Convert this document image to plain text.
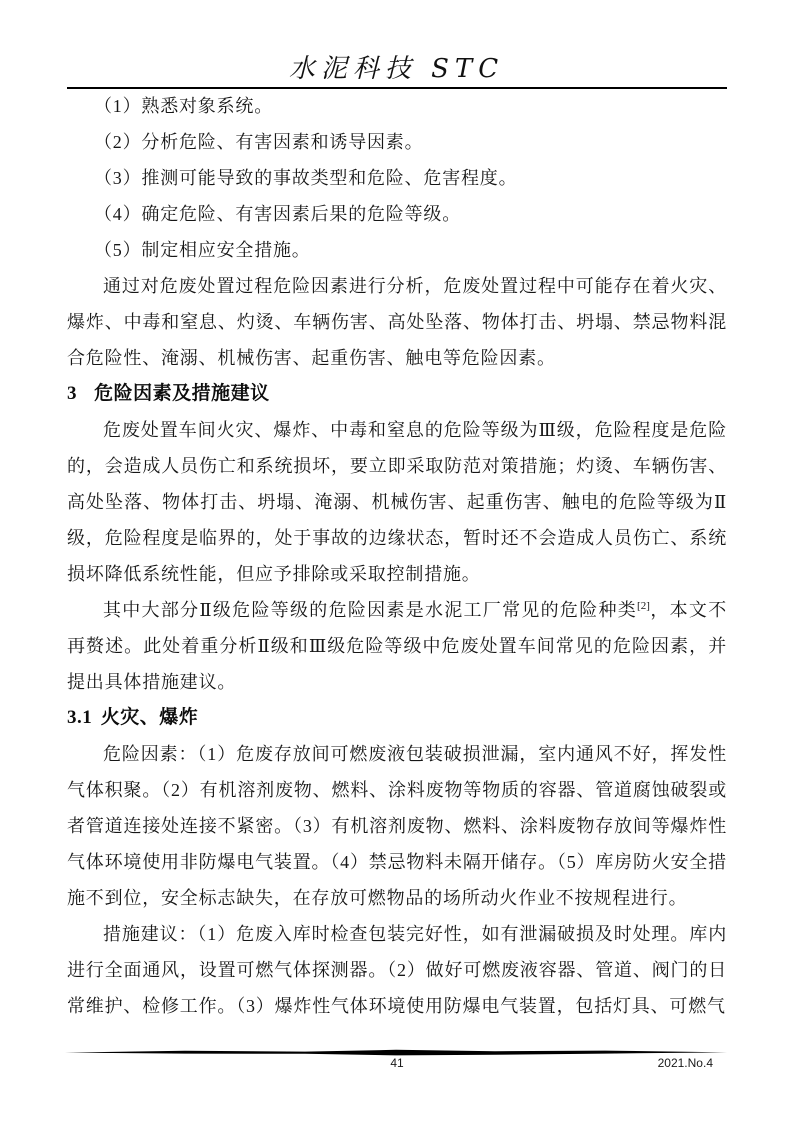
水泥科技 STC

（1）熟悉对象系统。

（2）分析危险、有害因素和诱导因素。

（3）推测可能导致的事故类型和危险、危害程度。

（4）确定危险、有害因素后果的危险等级。

（5）制定相应安全措施。

通过对危废处置过程危险因素进行分析，危废处置过程中可能存在着火灾、爆炸、中毒和窒息、灼烫、车辆伤害、高处坠落、物体打击、坍塌、禁忌物料混合危险性、淹溺、机械伤害、起重伤害、触电等危险因素。

3 危险因素及措施建议

危废处置车间火灾、爆炸、中毒和窒息的危险等级为Ⅲ级，危险程度是危险的，会造成人员伤亡和系统损坏，要立即采取防范对策措施；灼烫、车辆伤害、高处坠落、物体打击、坍塌、淹溺、机械伤害、起重伤害、触电的危险等级为Ⅱ级，危险程度是临界的，处于事故的边缘状态，暂时还不会造成人员伤亡、系统损坏降低系统性能，但应予排除或采取控制措施。

其中大部分Ⅱ级危险等级的危险因素是水泥工厂常见的危险种类[2]，本文不再赘述。此处着重分析Ⅱ级和Ⅲ级危险等级中危废处置车间常见的危险因素，并提出具体措施建议。

3.1 火灾、爆炸

危险因素：（1）危废存放间可燃废液包装破损泄漏，室内通风不好，挥发性气体积聚。（2）有机溶剂废物、燃料、涂料废物等物质的容器、管道腐蚀破裂或者管道连接处连接不紧密。（3）有机溶剂废物、燃料、涂料废物存放间等爆炸性气体环境使用非防爆电气装置。（4）禁忌物料未隔开储存。（5）库房防火安全措施不到位，安全标志缺失，在存放可燃物品的场所动火作业不按规程进行。

措施建议：（1）危废入库时检查包装完好性，如有泄漏破损及时处理。库内进行全面通风，设置可燃气体探测器。（2）做好可燃废液容器、管道、阀门的日常维护、检修工作。（3）爆炸性气体环境使用防爆电气装置，包括灯具、可燃气

41	2021.No.4
